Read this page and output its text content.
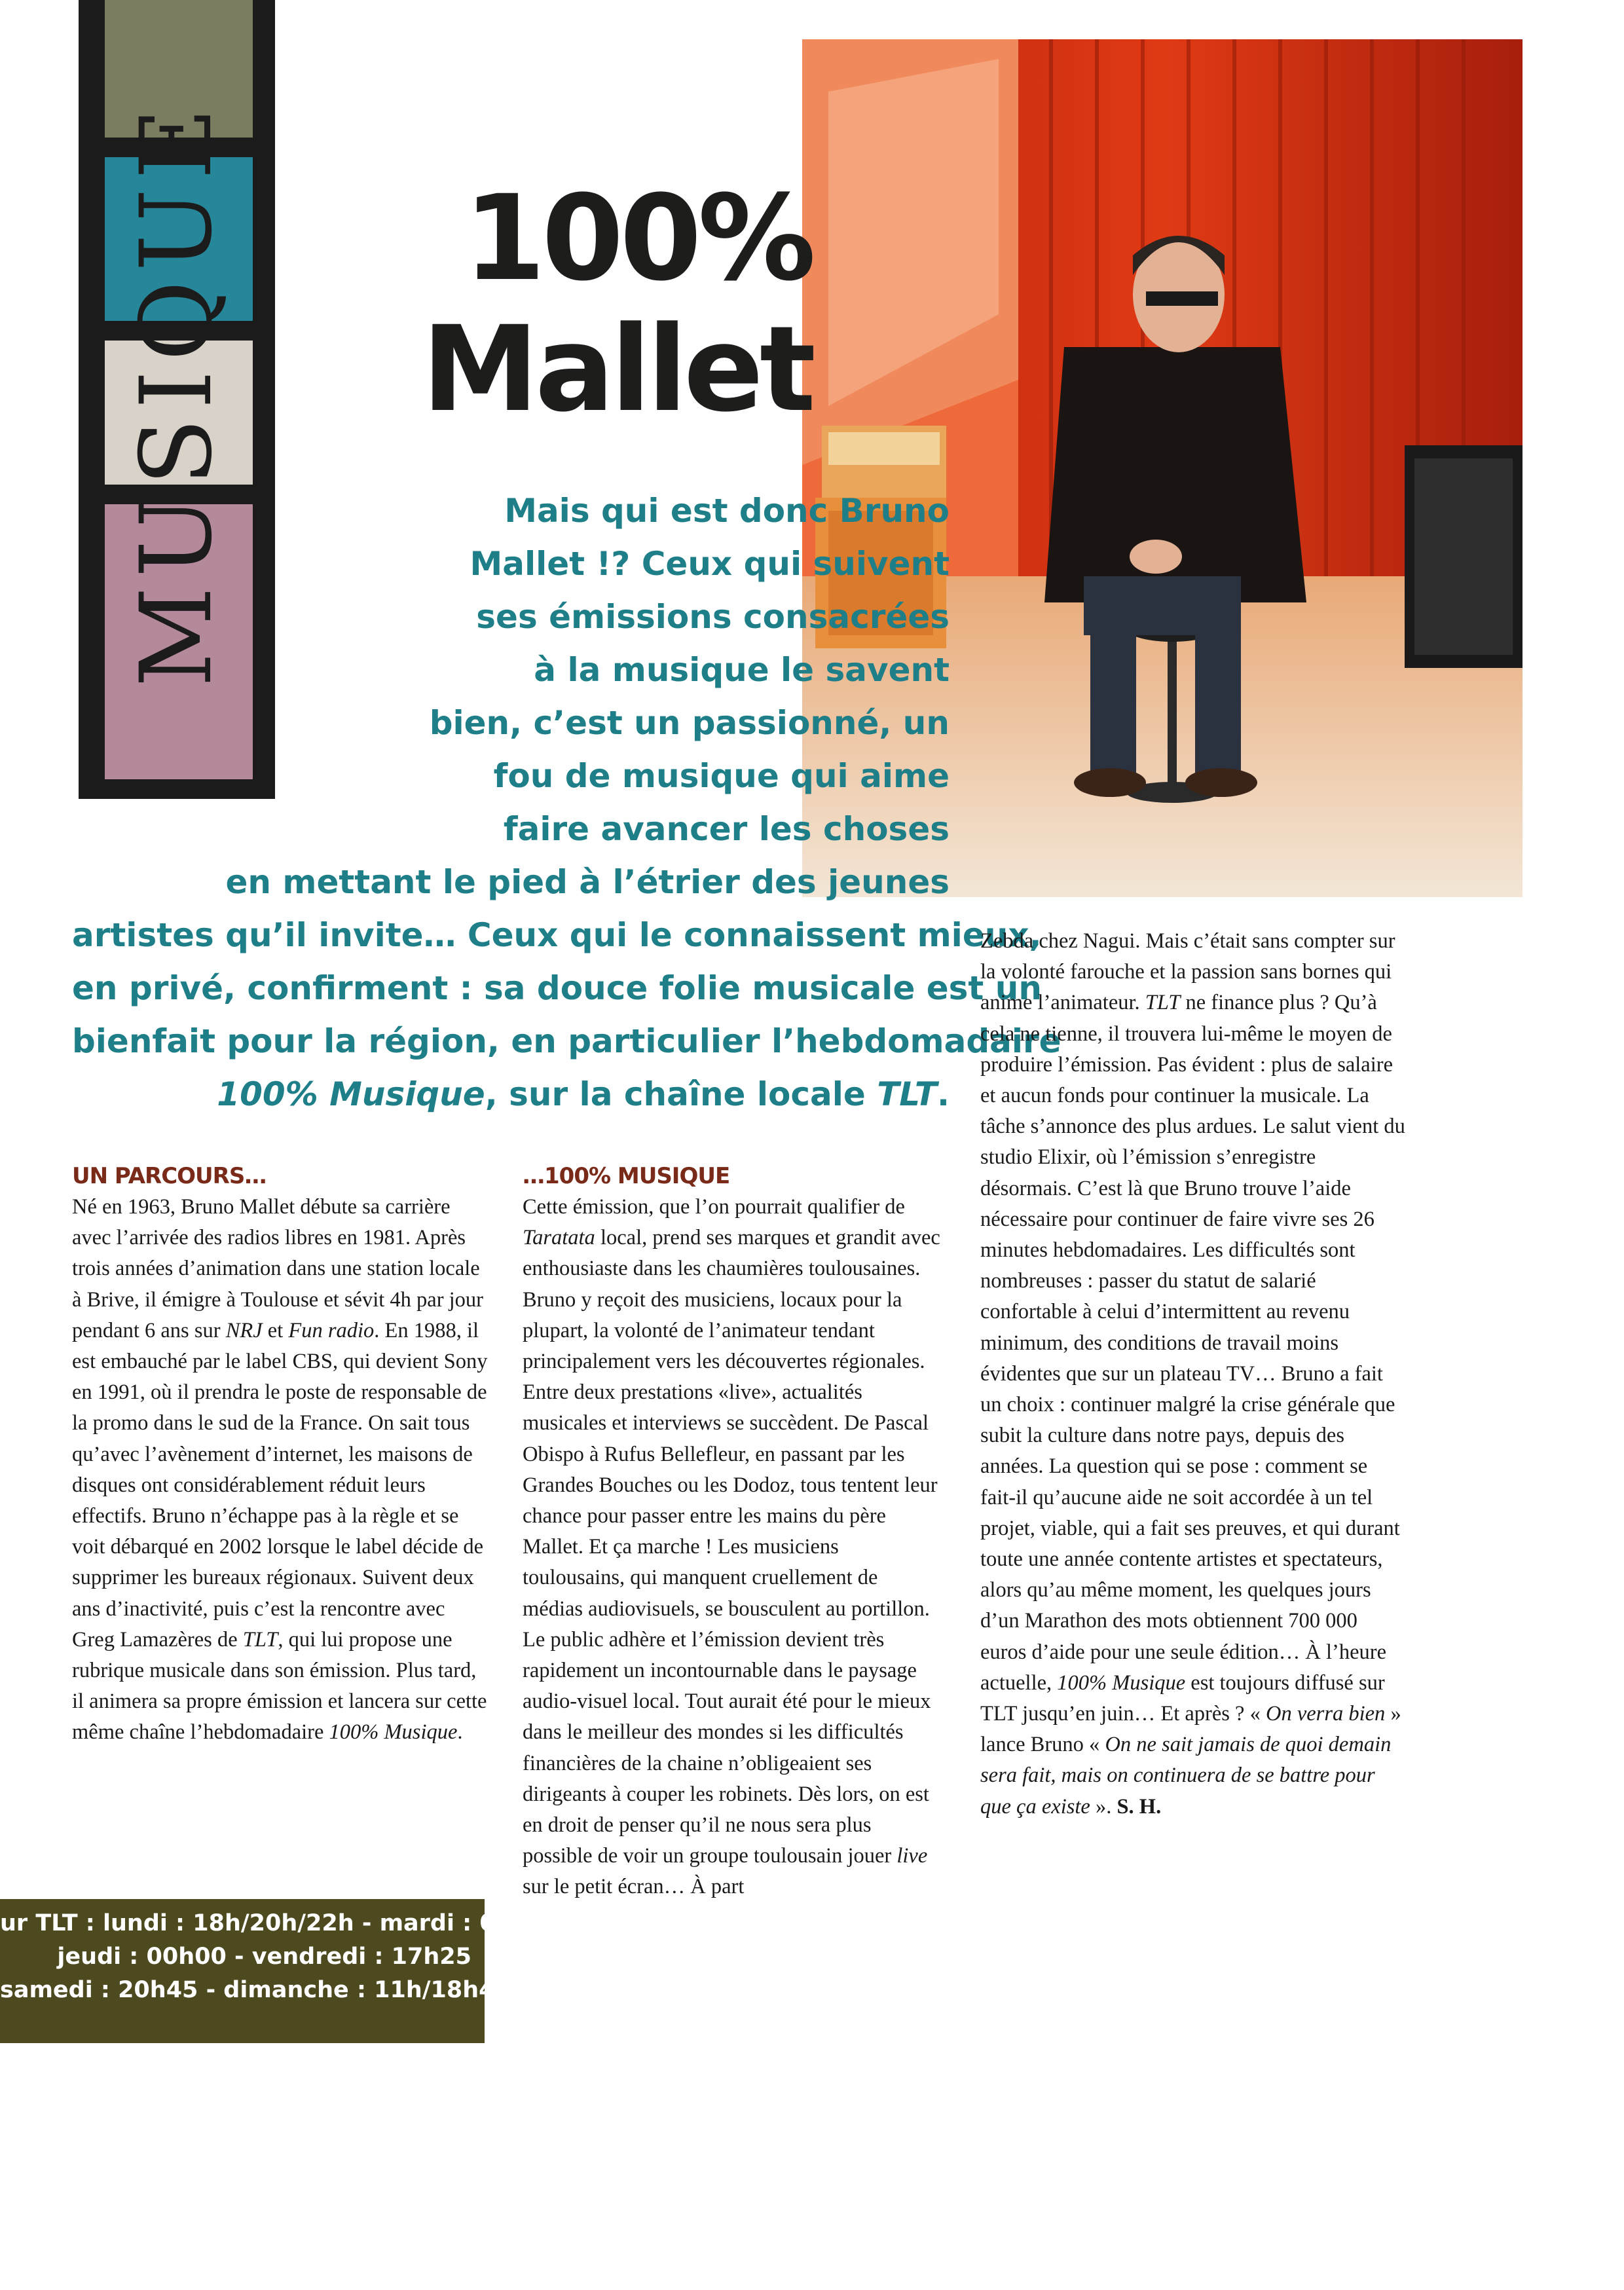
MUSIQUE	100%
Mallet
Mais qui est donc Bruno
Mallet !? Ceux qui suivent
ses émissions consacrées
à la musique le savent
bien, c’est un passionné, un
fou de musique qui aime
faire avancer les choses
en mettant le pied à l’étrier des jeunes
artistes qu’il invite… Ceux qui le connaissent mieux,
en privé, confirment : sa douce folie musicale est un
bienfait pour la région, en particulier l’hebdomadaire
100% Musique, sur la chaîne locale TLT.
UN PARCOURS…
Né en 1963, Bruno Mallet débute sa carrière avec l’arrivée des radios libres en 1981. Après trois années d’animation dans une station locale à Brive, il émigre à Toulouse et sévit 4h par jour pendant 6 ans sur NRJ et Fun radio. En 1988, il est embauché par le label CBS, qui devient Sony en 1991, où il prendra le poste de responsable de la promo dans le sud de la France. On sait tous qu’avec l’avènement d’internet, les maisons de disques ont considérablement réduit leurs effectifs. Bruno n’échappe pas à la règle et se voit débarqué en 2002 lorsque le label décide de supprimer les bureaux régionaux. Suivent deux ans d’inactivité, puis c’est la rencontre avec Greg Lamazères de TLT, qui lui propose une rubrique musicale dans son émission. Plus tard, il animera sa propre émission et lancera sur cette même chaîne l’hebdomadaire 100% Musique.
…100% MUSIQUE
Cette émission, que l’on pourrait qualifier de Taratata local, prend ses marques et grandit avec enthousiaste dans les chaumières toulousaines. Bruno y reçoit des musiciens, locaux pour la plupart, la volonté de l’animateur tendant principalement vers les découvertes régionales. Entre deux prestations «live», actualités musicales et interviews se succèdent. De Pascal Obispo à Rufus Bellefleur, en passant par les Grandes Bouches ou les Dodoz, tous tentent leur chance pour passer entre les mains du père Mallet. Et ça marche ! Les musiciens toulousains, qui manquent cruellement de médias audiovisuels, se bousculent au portillon. Le public adhère et l’émission devient très rapidement un incontournable dans le paysage audio-visuel local. Tout aurait été pour le mieux dans le meilleur des mondes si les difficultés financières de la chaine n’obligeaient ses dirigeants à couper les robinets. Dès lors, on est en droit de penser qu’il ne nous sera plus possible de voir un groupe toulousain jouer live sur le petit écran… À part
Zebda chez Nagui. Mais c’était sans compter sur la volonté farouche et la passion sans bornes qui anime l’animateur. TLT ne finance plus ? Qu’à cela ne tienne, il trouvera lui-même le moyen de produire l’émission. Pas évident : plus de salaire et aucun fonds pour continuer la musicale. La tâche s’annonce des plus ardues. Le salut vient du studio Elixir, où l’émission s’enregistre désormais. C’est là que Bruno trouve l’aide nécessaire pour continuer de faire vivre ses 26 minutes hebdomadaires. Les difficultés sont nombreuses : passer du statut de salarié confortable à celui d’intermittent au revenu minimum, des conditions de travail moins évidentes que sur un plateau TV… Bruno a fait un choix : continuer malgré la crise générale que subit la culture dans notre pays, depuis des années. La question qui se pose : comment se fait-il qu’aucune aide ne soit accordée à un tel projet, viable, qui a fait ses preuves, et qui durant toute une année contente artistes et spectateurs, alors qu’au même moment, les quelques jours d’un Marathon des mots obtiennent 700 000 euros d’aide pour une seule édition… À l’heure actuelle, 100% Musique est toujours diffusé sur TLT jusqu’en juin… Et après ? « On verra bien » lance Bruno « On ne sait jamais de quoi demain sera fait, mais on continuera de se battre pour que ça existe ». S. H.
ur TLT : lundi : 18h/20h/22h - mardi : 07h40/13h
jeudi : 00h00 - vendredi : 17h25
samedi : 20h45 - dimanche : 11h/18h40
